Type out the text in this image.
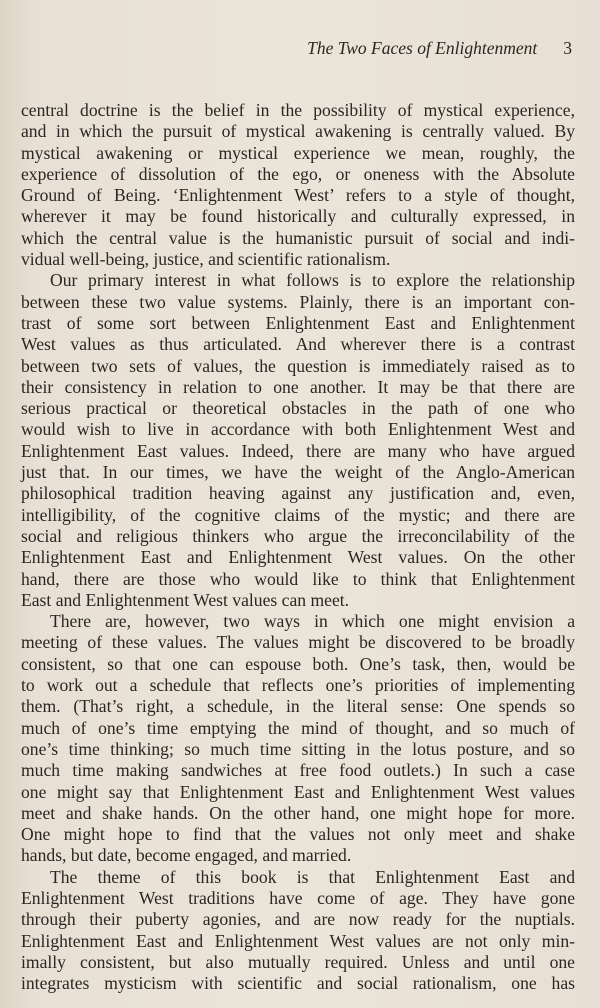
The Two Faces of Enlightenment 3
central doctrine is the belief in the possibility of mystical experience,
and in which the pursuit of mystical awakening is centrally valued. By
mystical awakening or mystical experience we mean, roughly, the
experience of dissolution of the ego, or oneness with the Absolute
Ground of Being. ‘Enlightenment West’ refers to a style of thought,
wherever it may be found historically and culturally expressed, in
which the central value is the humanistic pursuit of social and indi-
vidual well-being, justice, and scientific rationalism.
Our primary interest in what follows is to explore the relationship
between these two value systems. Plainly, there is an important con-
trast of some sort between Enlightenment East and Enlightenment
West values as thus articulated. And wherever there is a contrast
between two sets of values, the question is immediately raised as to
their consistency in relation to one another. It may be that there are
serious practical or theoretical obstacles in the path of one who
would wish to live in accordance with both Enlightenment West and
Enlightenment East values. Indeed, there are many who have argued
just that. In our times, we have the weight of the Anglo-American
philosophical tradition heaving against any justification and, even,
intelligibility, of the cognitive claims of the mystic; and there are
social and religious thinkers who argue the irreconcilability of the
Enlightenment East and Enlightenment West values. On the other
hand, there are those who would like to think that Enlightenment
East and Enlightenment West values can meet.
There are, however, two ways in which one might envision a
meeting of these values. The values might be discovered to be broadly
consistent, so that one can espouse both. One’s task, then, would be
to work out a schedule that reflects one’s priorities of implementing
them. (That’s right, a schedule, in the literal sense: One spends so
much of one’s time emptying the mind of thought, and so much of
one’s time thinking; so much time sitting in the lotus posture, and so
much time making sandwiches at free food outlets.) In such a case
one might say that Enlightenment East and Enlightenment West values
meet and shake hands. On the other hand, one might hope for more.
One might hope to find that the values not only meet and shake
hands, but date, become engaged, and married.
The theme of this book is that Enlightenment East and
Enlightenment West traditions have come of age. They have gone
through their puberty agonies, and are now ready for the nuptials.
Enlightenment East and Enlightenment West values are not only min-
imally consistent, but also mutually required. Unless and until one
integrates mysticism with scientific and social rationalism, one has
